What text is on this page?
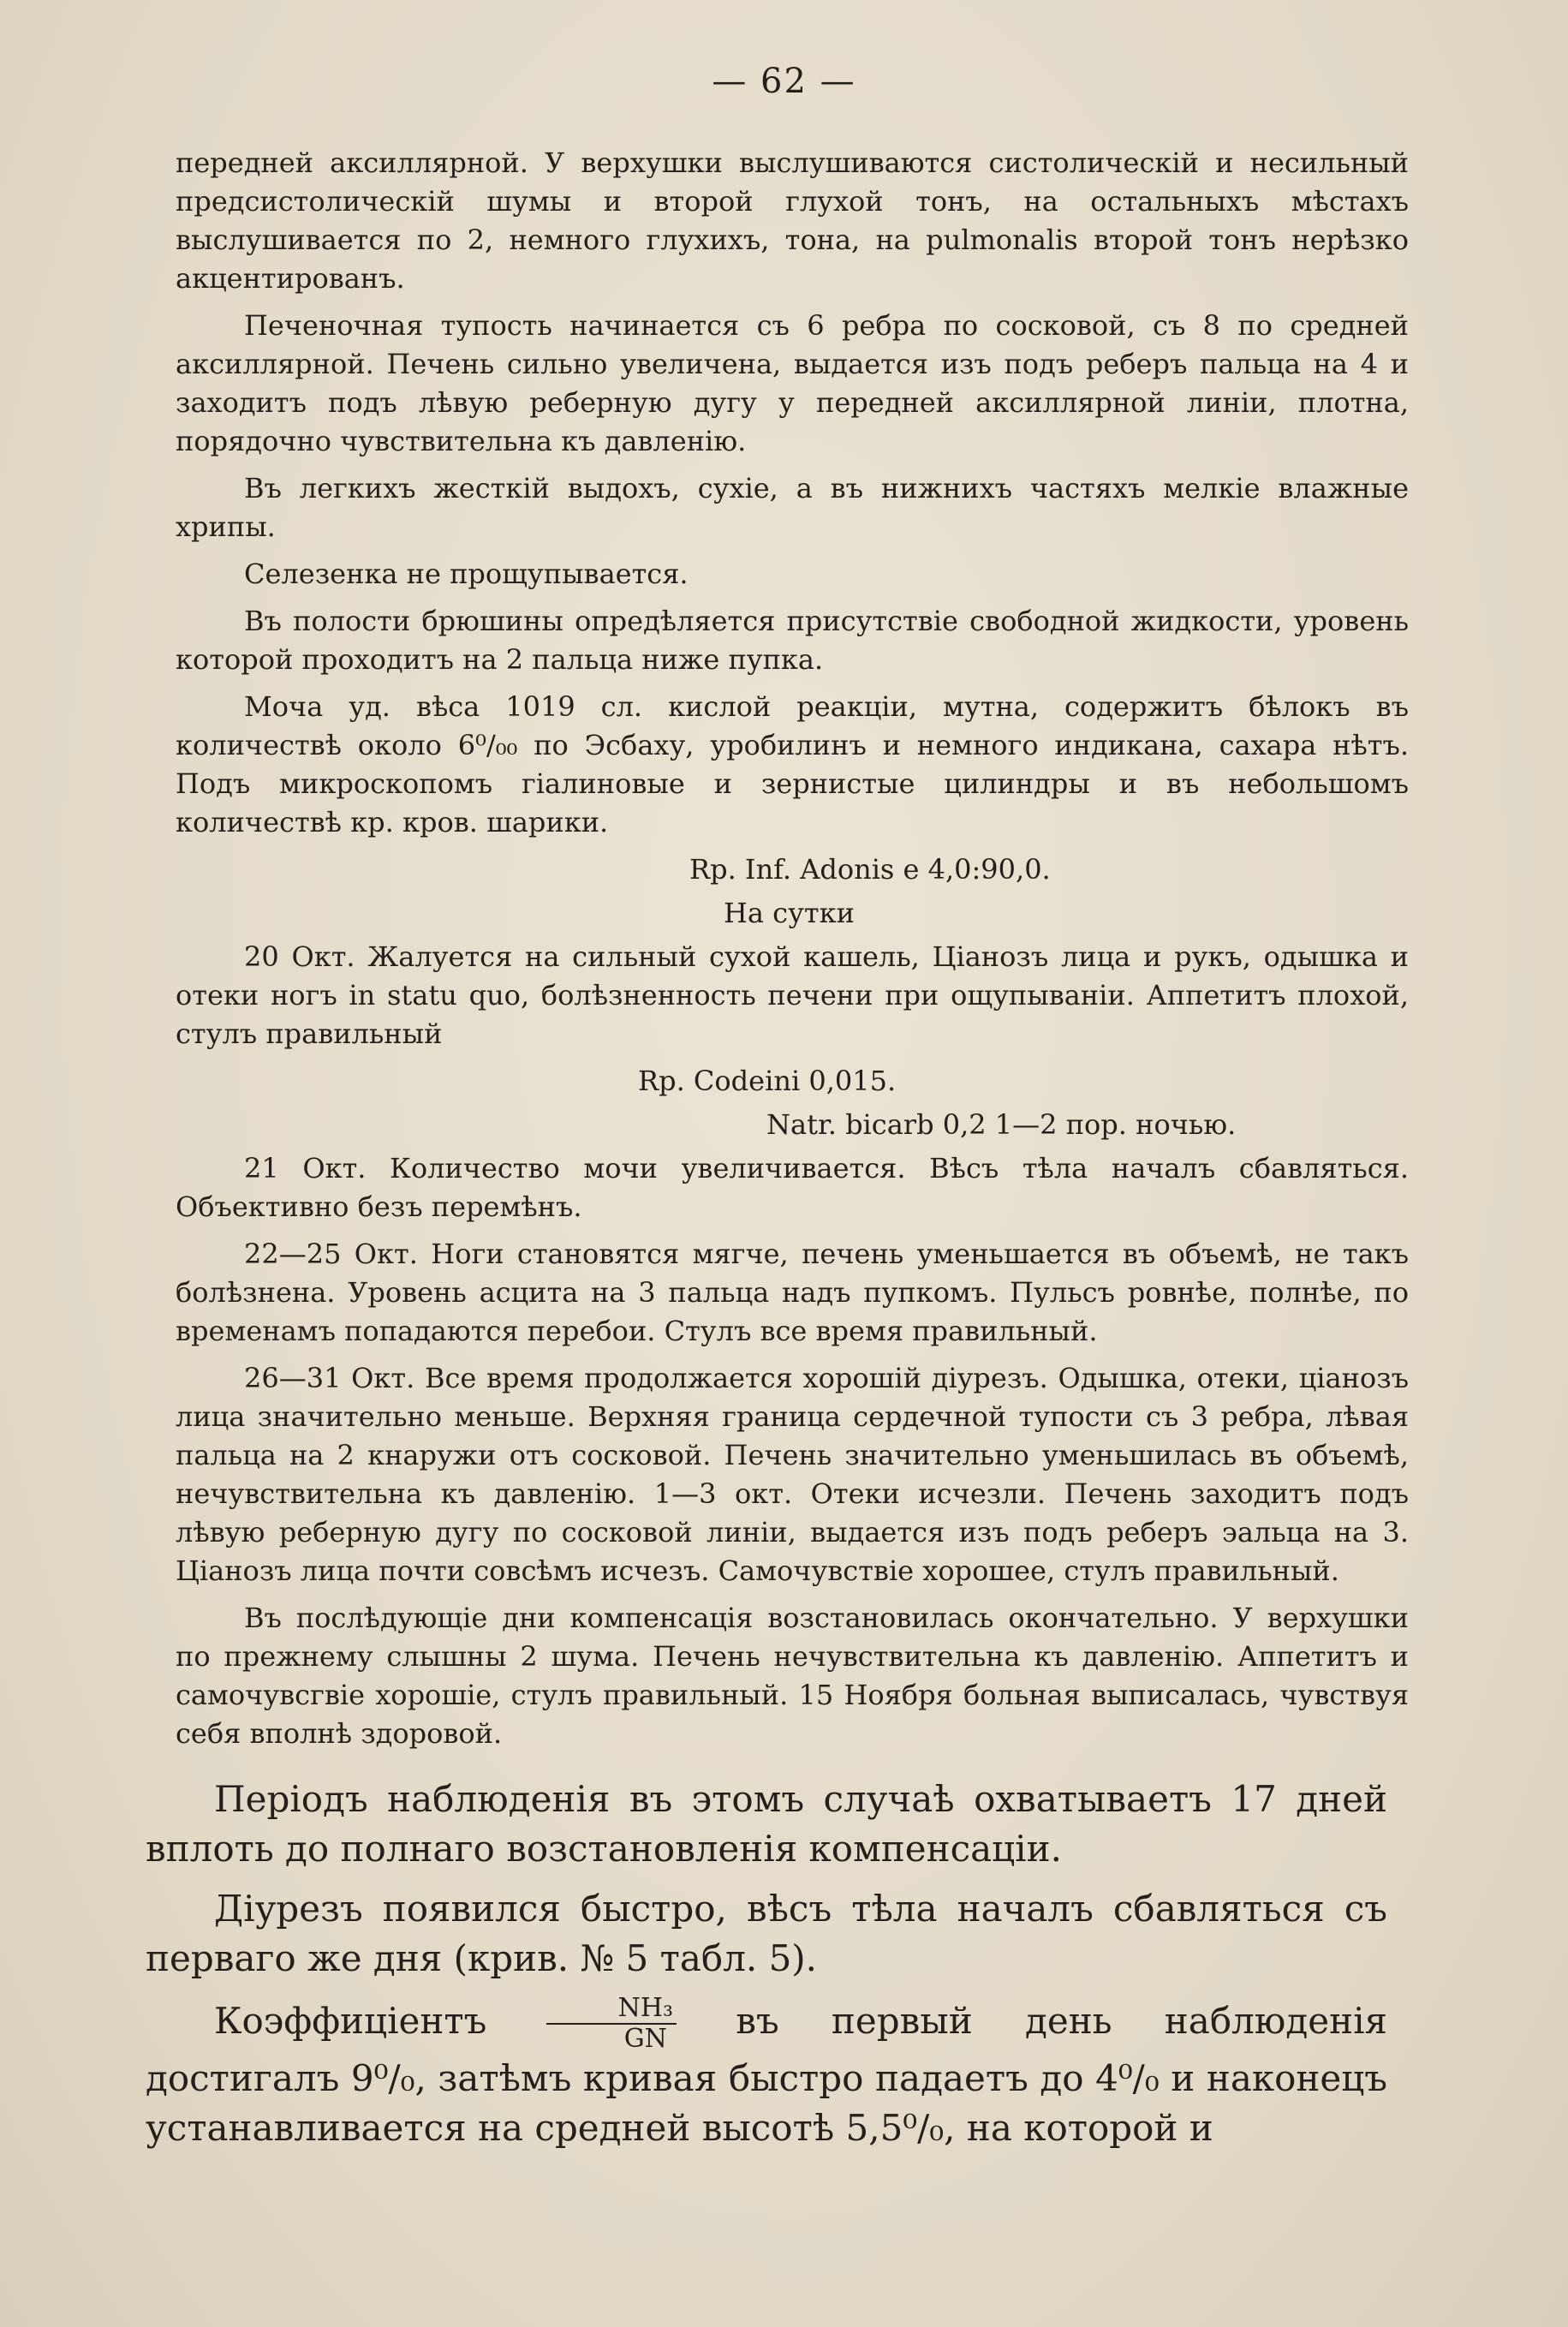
— 62 —

передней аксиллярной. У верхушки выслушиваются систолическій и несильный предсистолическій шумы и второй глухой тонъ, на остальныхъ мѣстахъ выслушивается по 2, немного глухихъ, тона, на pulmonalis второй тонъ нерѣзко акцентированъ.

Печеночная тупость начинается съ 6 ребра по сосковой, съ 8 по средней аксиллярной. Печень сильно увеличена, выдается изъ подъ реберъ пальца на 4 и заходитъ подъ лѣвую реберную дугу у передней аксиллярной линіи, плотна, порядочно чувствительна къ давленію.

Въ легкихъ жесткій выдохъ, сухіе, а въ нижнихъ частяхъ мелкіе влажные хрипы.

Селезенка не прощупывается.

Въ полости брюшины опредѣляется присутствіе свободной жидкости, уровень которой проходитъ на 2 пальца ниже пупка.

Моча уд. вѣса 1019 сл. кислой реакціи, мутна, содержитъ бѣлокъ въ количествѣ около 6⁰/₀₀ по Эсбаху, уробилинъ и немного индикана, сахара нѣтъ. Подъ микроскопомъ гіалиновые и зернистые цилиндры и въ небольшомъ количествѣ кр. кров. шарики.

Rp. Inf. Adonis e 4,0:90,0.
На сутки

20 Окт. Жалуется на сильный сухой кашель, Ціанозъ лица и рукъ, одышка и отеки ногъ in statu quo, болѣзненность печени при ощупываніи. Аппетитъ плохой, стулъ правильный

Rp. Codeini 0,015.
Natr. bicarb 0,2 1—2 пор. ночью.

21 Окт. Количество мочи увеличивается. Вѣсъ тѣла началъ сбавляться. Объективно безъ перемѣнъ.

22—25 Окт. Ноги становятся мягче, печень уменьшается въ объемѣ, не такъ болѣзнена. Уровень асцита на 3 пальца надъ пупкомъ. Пульсъ ровнѣе, полнѣе, по временамъ попадаются перебои. Стулъ все время правильный.

26—31 Окт. Все время продолжается хорошій діурезъ. Одышка, отеки, ціанозъ лица значительно меньше. Верхняя граница сердечной тупости съ 3 ребра, лѣвая пальца на 2 кнаружи отъ сосковой. Печень значительно уменьшилась въ объемѣ, нечувствительна къ давленію. 1—3 окт. Отеки исчезли. Печень заходитъ подъ лѣвую реберную дугу по сосковой линіи, выдается изъ подъ реберъ эальца на 3. Ціанозъ лица почти совсѣмъ исчезъ. Самочувствіе хорошее, стулъ правильный.

Въ послѣдующіе дни компенсація возстановилась окончательно. У верхушки по прежнему слышны 2 шума. Печень нечувствительна къ давленію. Аппетитъ и самочувсгвіе хорошіе, стулъ правильный. 15 Ноября больная выписалась, чувствуя себя вполнѣ здоровой.

Періодъ наблюденія въ этомъ случаѣ охватываетъ 17 дней вплоть до полнаго возстановленія компенсаціи.

Діурезъ появился быстро, вѣсъ тѣла началъ сбавляться съ перваго же дня (крив. № 5 табл. 5).

Коэффиціентъ $\frac{\text{NH₃}}{GN}$ въ первый день наблюденія достигалъ 9⁰/₀, затѣмъ кривая быстро падаетъ до 4⁰/₀ и наконецъ устанавливается на средней высотѣ 5,5⁰/₀, на которой и
